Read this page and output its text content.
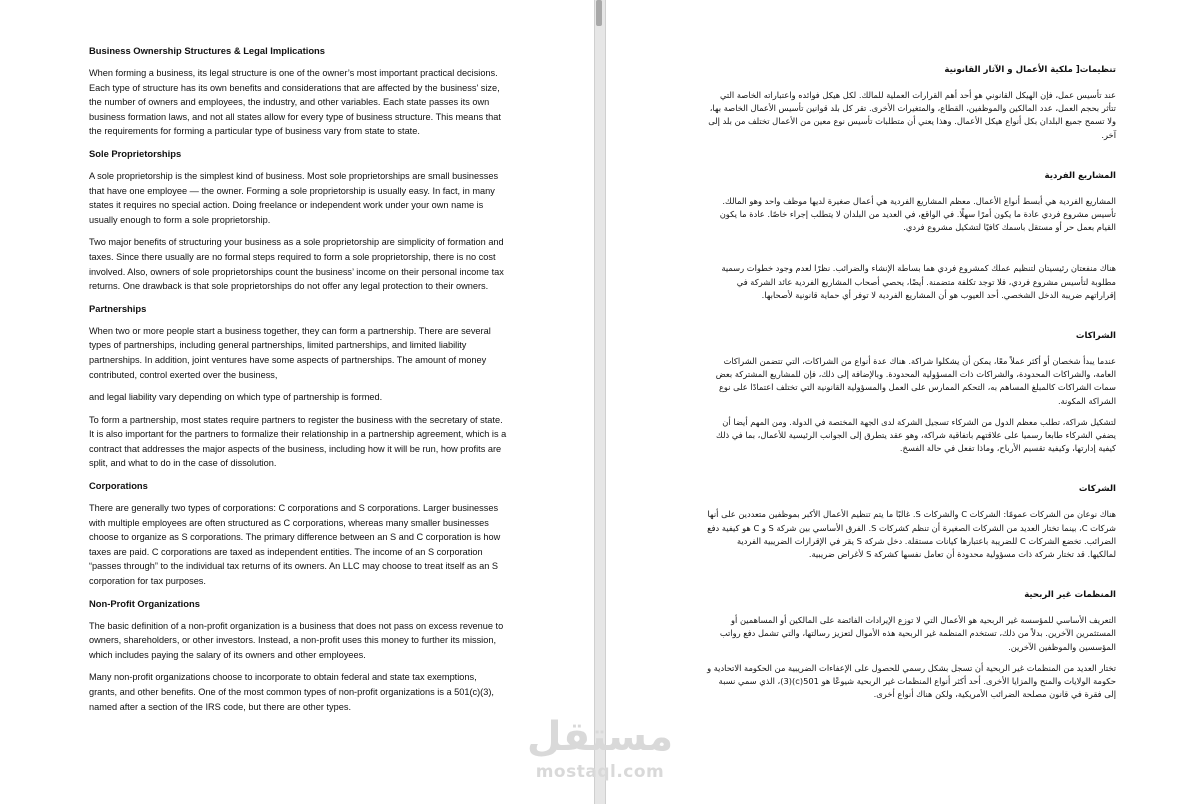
Business Ownership Structures & Legal Implications

When forming a business, its legal structure is one of the owner’s most important practical decisions. Each type of structure has its own benefits and considerations that are affected by the business' size, the number of owners and employees, the industry, and other variables. Each state passes its own business formation laws, and not all states allow for every type of business structure. This means that the requirements for forming a particular type of business vary from state to state.

Sole Proprietorships

A sole proprietorship is the simplest kind of business. Most sole proprietorships are small businesses that have one employee — the owner. Forming a sole proprietorship is usually easy. In fact, in many states it requires no special action. Doing freelance or independent work under your own name is usually enough to form a sole proprietorship.

Two major benefits of structuring your business as a sole proprietorship are simplicity of formation and taxes. Since there usually are no formal steps required to form a sole proprietorship, there is no cost involved. Also, owners of sole proprietorships count the business’ income on their personal income tax returns. One drawback is that sole proprietorships do not offer any legal protection to their owners.

Partnerships

When two or more people start a business together, they can form a partnership. There are several types of partnerships, including general partnerships, limited partnerships, and limited liability partnerships. In addition, joint ventures have some aspects of partnerships. The amount of money contributed, control exerted over the business,

and legal liability vary depending on which type of partnership is formed.

To form a partnership, most states require partners to register the business with the secretary of state. It is also important for the partners to formalize their relationship in a partnership agreement, which is a contract that addresses the major aspects of the business, including how it will be run, how profits are split, and what to do in the case of dissolution.

Corporations

There are generally two types of corporations: C corporations and S corporations. Larger businesses with multiple employees are often structured as C corporations, whereas many smaller businesses choose to organize as S corporations. The primary difference between an S and C corporation is how taxes are paid. C corporations are taxed as independent entities. The income of an S corporation “passes through” to the individual tax returns of its owners. An LLC may choose to treat itself as an S corporation for tax purposes.

Non-Profit Organizations

The basic definition of a non-profit organization is a business that does not pass on excess revenue to owners, shareholders, or other investors. Instead, a non-profit uses this money to further its mission, which includes paying the salary of its owners and other employees.

Many non-profit organizations choose to incorporate to obtain federal and state tax exemptions, grants, and other benefits. One of the most common types of non-profit organizations is a 501(c)(3), named after a section of the IRS code, but there are other types.

تنظيمات[ ملكية الأعمال و الآثار القانونية

عند تأسيس عمل، فإن الهيكل القانوني هو أحد أهم القرارات العملية للمالك. لكل هيكل فوائده واعتباراته الخاصة التي تتأثر بحجم العمل، عدد المالكين والموظفين، القطاع، والمتغيرات الأخرى. تقر كل بلد قوانين تأسيس الأعمال الخاصة بها، ولا تسمح جميع البلدان بكل أنواع هيكل الأعمال. وهذا يعني أن متطلبات تأسيس نوع معين من الأعمال تختلف من بلد إلى آخر.

المشاريع الفردية

المشاريع الفردية هي أبسط أنواع الأعمال. معظم المشاريع الفردية هي أعمال صغيرة لديها موظف واحد وهو المالك. تأسيس مشروع فردي عادة ما يكون أمرًا سهلًا. في الواقع، في العديد من البلدان لا يتطلب إجراء خاصًا. عادة ما يكون القيام بعمل حر أو مستقل باسمك كافيًا لتشكيل مشروع فردي.

هناك منفعتان رئيسيتان لتنظيم عملك كمشروع فردي هما بساطة الإنشاء والضرائب. نظرًا لعدم وجود خطوات رسمية مطلوبة لتأسيس مشروع فردي، فلا توجد تكلفة متضمنة. أيضًا، يحصي أصحاب المشاريع الفردية عائد الشركة في إقراراتهم ضريبة الدخل الشخصي. أحد العيوب هو أن المشاريع الفردية لا توفر أي حماية قانونية لأصحابها.

الشراكات

عندما يبدأ شخصان أو أكثر عملاً معًا، يمكن أن يشكلوا شراكة. هناك عدة أنواع من الشراكات، التي تتضمن الشراكات العامة، والشراكات المحدودة، والشراكات ذات المسؤولية المحدودة. وبالإضافة إلى ذلك، فإن للمشاريع المشتركة بعض سمات الشراكات كالمبلغ المساهم به، التحكم الممارس على العمل والمسؤولية القانونية التي تختلف اعتمادًا على نوع الشراكة المكونة.

لتشكيل شراكة، تطلب معظم الدول من الشركاء تسجيل الشركة لدى الجهة المختصة في الدولة. ومن المهم أيضا أن يضفي الشركاء طابعا رسميا على علاقتهم باتفاقية شراكة، وهو عقد يتطرق إلى الجوانب الرئيسية للأعمال، بما في ذلك كيفية إدارتها، وكيفية تقسيم الأرباح، وماذا تفعل في حالة الفسخ.

الشركات

هناك نوعان من الشركات عمومًا: الشركات C والشركات S. غالبًا ما يتم تنظيم الأعمال الأكبر بموظفين متعددين على أنها شركات C، بينما تختار العديد من الشركات الصغيرة أن تنظم كشركات S. الفرق الأساسي بين شركة S و C هو كيفية دفع الضرائب. تخضع الشركات C للضريبة باعتبارها كيانات مستقلة. دخل شركة S يقر في الإقرارات الضريبية الفردية لمالكيها. قد تختار شركة ذات مسؤولية محدودة أن تعامل نفسها كشركة S لأغراض ضريبية.

المنظمات غير الربحية

التعريف الأساسي للمؤسسة غير الربحية هو الأعمال التي لا توزع الإيرادات الفائضة على المالكين أو المساهمين أو المستثمرين الآخرين. بدلاً من ذلك، تستخدم المنظمة غير الربحية هذه الأموال لتعزيز رسالتها، والتي تشمل دفع رواتب المؤسسين والموظفين الآخرين.

تختار العديد من المنظمات غير الربحية أن تسجل بشكل رسمي للحصول على الإعفاءات الضريبية من الحكومة الاتحادية و حكومة الولايات والمنح والمزايا الأخرى. أحد أكثر أنواع المنظمات غير الربحية شيوعًا هو 501(c)(3)، الذي سمي نسبة إلى فقرة في قانون مصلحة الضرائب الأمريكية، ولكن هناك أنواع أخرى.

مستقل
mostaql.com
